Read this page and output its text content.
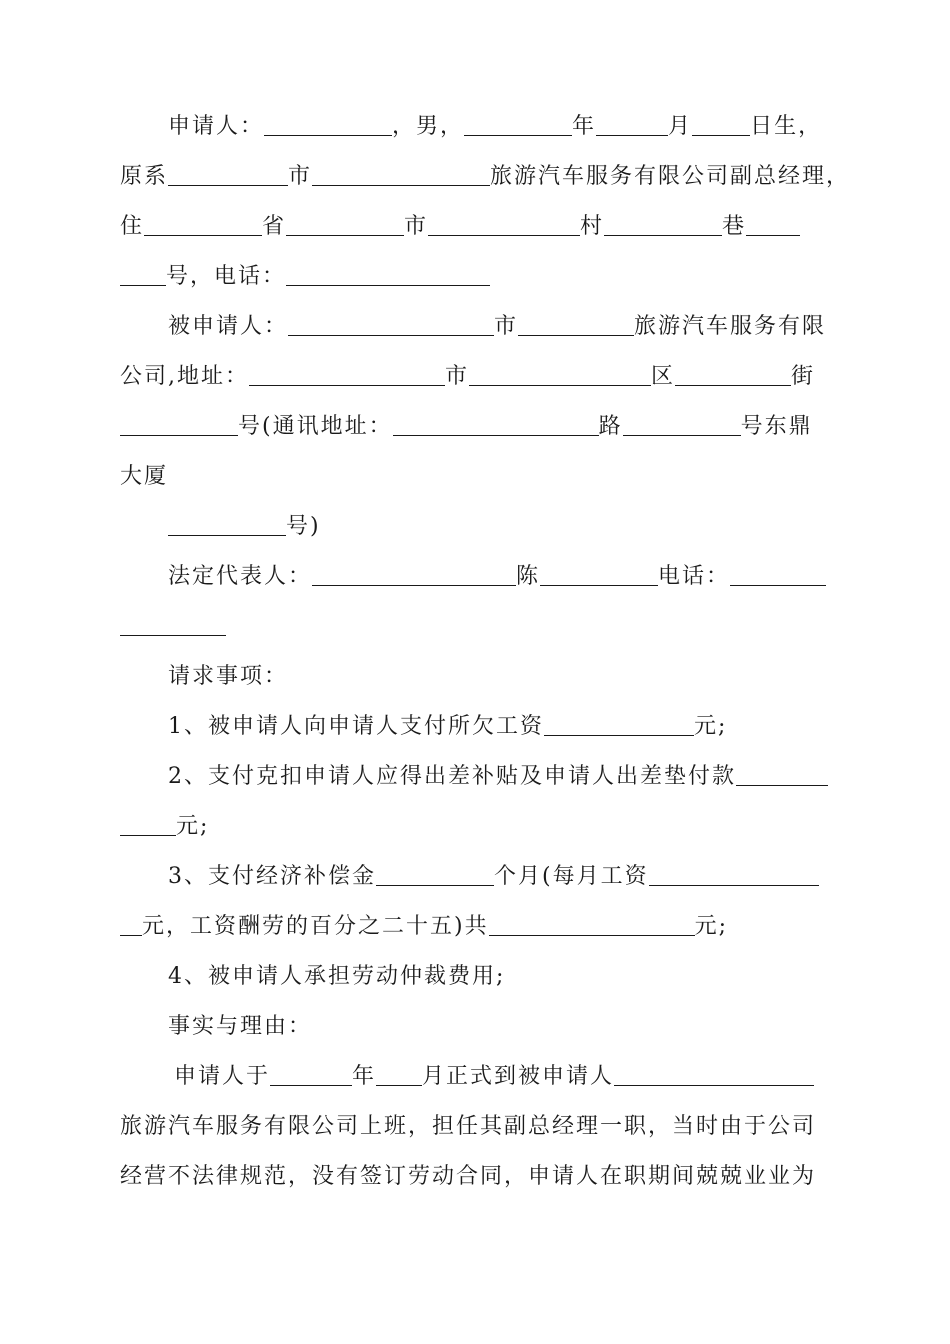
申请人：	，男，	年	月	日生，
原系	市	旅游汽车服务有限公司副总经理，
住	省	市	村	巷
号，电话：
被申请人：	市	旅游汽车服务有限
公司,地址：	市	区	街
号(通讯地址：	路	号东鼎
大厦
号)
法定代表人：	陈	电话：
请求事项：
1、被申请人向申请人支付所欠工资	元;
2、支付克扣申请人应得出差补贴及申请人出差垫付款
元;
3、支付经济补偿金	个月(每月工资
元，工资酬劳的百分之二十五)共	元;
4、被申请人承担劳动仲裁费用;
事实与理由：
申请人于	年 月正式到被申请人
旅游汽车服务有限公司上班，担任其副总经理一职，当时由于公司
经营不法律规范，没有签订劳动合同，申请人在职期间兢兢业业为
